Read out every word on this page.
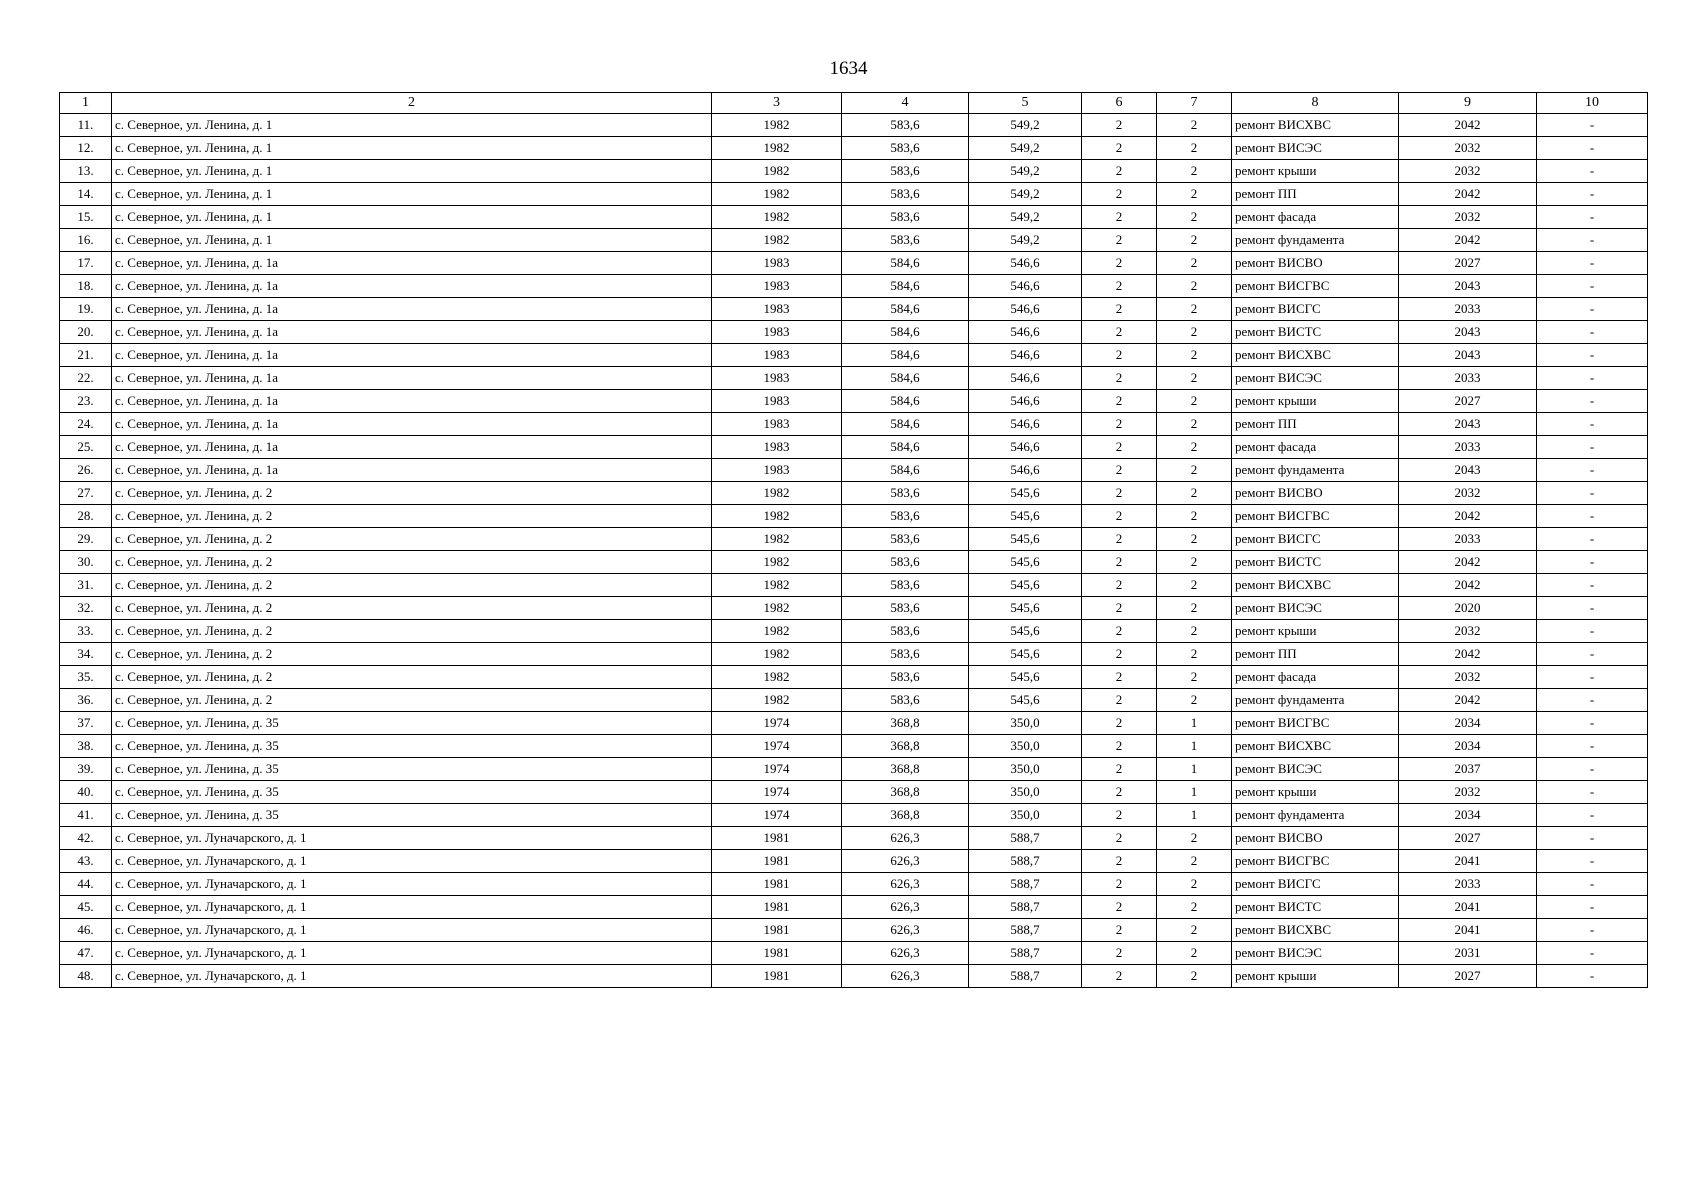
1634
1	2	3	4	5	6	7	8	9	10
11.	с. Северное, ул. Ленина, д. 1	1982	583,6	549,2	2	2	ремонт ВИСХВС	2042	-
12.	с. Северное, ул. Ленина, д. 1	1982	583,6	549,2	2	2	ремонт ВИСЭС	2032	-
13.	с. Северное, ул. Ленина, д. 1	1982	583,6	549,2	2	2	ремонт крыши	2032	-
14.	с. Северное, ул. Ленина, д. 1	1982	583,6	549,2	2	2	ремонт ПП	2042	-
15.	с. Северное, ул. Ленина, д. 1	1982	583,6	549,2	2	2	ремонт фасада	2032	-
16.	с. Северное, ул. Ленина, д. 1	1982	583,6	549,2	2	2	ремонт фундамента	2042	-
17.	с. Северное, ул. Ленина, д. 1а	1983	584,6	546,6	2	2	ремонт ВИСВО	2027	-
18.	с. Северное, ул. Ленина, д. 1а	1983	584,6	546,6	2	2	ремонт ВИСГВС	2043	-
19.	с. Северное, ул. Ленина, д. 1а	1983	584,6	546,6	2	2	ремонт ВИСГС	2033	-
20.	с. Северное, ул. Ленина, д. 1а	1983	584,6	546,6	2	2	ремонт ВИСТС	2043	-
21.	с. Северное, ул. Ленина, д. 1а	1983	584,6	546,6	2	2	ремонт ВИСХВС	2043	-
22.	с. Северное, ул. Ленина, д. 1а	1983	584,6	546,6	2	2	ремонт ВИСЭС	2033	-
23.	с. Северное, ул. Ленина, д. 1а	1983	584,6	546,6	2	2	ремонт крыши	2027	-
24.	с. Северное, ул. Ленина, д. 1а	1983	584,6	546,6	2	2	ремонт ПП	2043	-
25.	с. Северное, ул. Ленина, д. 1а	1983	584,6	546,6	2	2	ремонт фасада	2033	-
26.	с. Северное, ул. Ленина, д. 1а	1983	584,6	546,6	2	2	ремонт фундамента	2043	-
27.	с. Северное, ул. Ленина, д. 2	1982	583,6	545,6	2	2	ремонт ВИСВО	2032	-
28.	с. Северное, ул. Ленина, д. 2	1982	583,6	545,6	2	2	ремонт ВИСГВС	2042	-
29.	с. Северное, ул. Ленина, д. 2	1982	583,6	545,6	2	2	ремонт ВИСГС	2033	-
30.	с. Северное, ул. Ленина, д. 2	1982	583,6	545,6	2	2	ремонт ВИСТС	2042	-
31.	с. Северное, ул. Ленина, д. 2	1982	583,6	545,6	2	2	ремонт ВИСХВС	2042	-
32.	с. Северное, ул. Ленина, д. 2	1982	583,6	545,6	2	2	ремонт ВИСЭС	2020	-
33.	с. Северное, ул. Ленина, д. 2	1982	583,6	545,6	2	2	ремонт крыши	2032	-
34.	с. Северное, ул. Ленина, д. 2	1982	583,6	545,6	2	2	ремонт ПП	2042	-
35.	с. Северное, ул. Ленина, д. 2	1982	583,6	545,6	2	2	ремонт фасада	2032	-
36.	с. Северное, ул. Ленина, д. 2	1982	583,6	545,6	2	2	ремонт фундамента	2042	-
37.	с. Северное, ул. Ленина, д. 35	1974	368,8	350,0	2	1	ремонт ВИСГВС	2034	-
38.	с. Северное, ул. Ленина, д. 35	1974	368,8	350,0	2	1	ремонт ВИСХВС	2034	-
39.	с. Северное, ул. Ленина, д. 35	1974	368,8	350,0	2	1	ремонт ВИСЭС	2037	-
40.	с. Северное, ул. Ленина, д. 35	1974	368,8	350,0	2	1	ремонт крыши	2032	-
41.	с. Северное, ул. Ленина, д. 35	1974	368,8	350,0	2	1	ремонт фундамента	2034	-
42.	с. Северное, ул. Луначарского, д. 1	1981	626,3	588,7	2	2	ремонт ВИСВО	2027	-
43.	с. Северное, ул. Луначарского, д. 1	1981	626,3	588,7	2	2	ремонт ВИСГВС	2041	-
44.	с. Северное, ул. Луначарского, д. 1	1981	626,3	588,7	2	2	ремонт ВИСГС	2033	-
45.	с. Северное, ул. Луначарского, д. 1	1981	626,3	588,7	2	2	ремонт ВИСТС	2041	-
46.	с. Северное, ул. Луначарского, д. 1	1981	626,3	588,7	2	2	ремонт ВИСХВС	2041	-
47.	с. Северное, ул. Луначарского, д. 1	1981	626,3	588,7	2	2	ремонт ВИСЭС	2031	-
48.	с. Северное, ул. Луначарского, д. 1	1981	626,3	588,7	2	2	ремонт крыши	2027	-
